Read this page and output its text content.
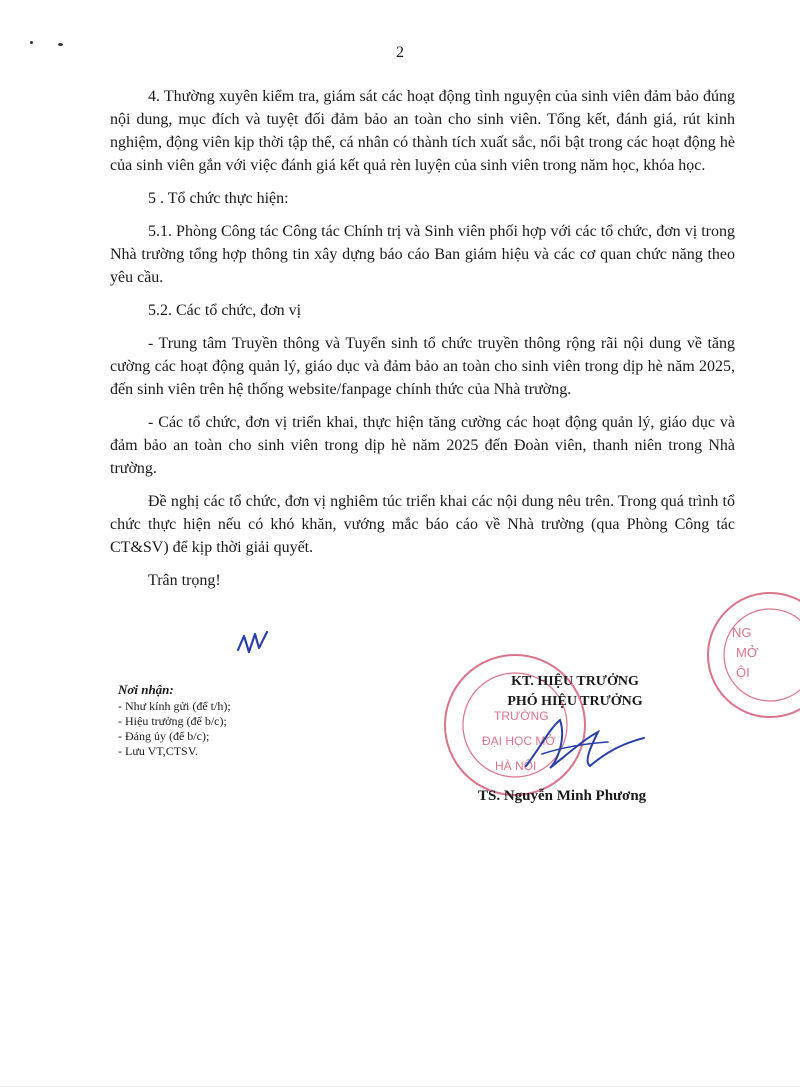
2

4. Thường xuyên kiểm tra, giám sát các hoạt động tình nguyện của sinh viên đảm bảo đúng nội dung, mục đích và tuyệt đối đảm bảo an toàn cho sinh viên. Tổng kết, đánh giá, rút kinh nghiệm, động viên kịp thời tập thể, cá nhân có thành tích xuất sắc, nổi bật trong các hoạt động hè của sinh viên gắn với việc đánh giá kết quả rèn luyện của sinh viên trong năm học, khóa học.

5 . Tổ chức thực hiện:

5.1. Phòng Công tác Công tác Chính trị và Sinh viên phối hợp với các tổ chức, đơn vị trong Nhà trường tổng hợp thông tin xây dựng báo cáo Ban giám hiệu và các cơ quan chức năng theo yêu cầu.

5.2. Các tổ chức, đơn vị

- Trung tâm Truyền thông và Tuyển sinh tổ chức truyền thông rộng rãi nội dung về tăng cường các hoạt động quản lý, giáo dục và đảm bảo an toàn cho sinh viên trong dịp hè năm 2025, đến sinh viên trên hệ thống website/fanpage chính thức của Nhà trường.

- Các tổ chức, đơn vị triển khai, thực hiện tăng cường các hoạt động quản lý, giáo dục và đảm bảo an toàn cho sinh viên trong dịp hè năm 2025 đến Đoàn viên, thanh niên trong Nhà trường.

Đề nghị các tổ chức, đơn vị nghiêm túc triển khai các nội dung nêu trên. Trong quá trình tổ chức thực hiện nếu có khó khăn, vướng mắc báo cáo về Nhà trường (qua Phòng Công tác CT&SV) để kịp thời giải quyết.

Trân trọng!

Nơi nhận:
- Như kính gửi (để t/h);
- Hiệu trưởng (để b/c);
- Đảng ủy (để b/c);
- Lưu VT,CTSV.
NG
MỞ
ỘI
TRƯỜNG
ĐẠI HỌC MỞ
HÀ NỘI
KT. HIỆU TRƯỞNG
PHÓ HIỆU TRƯỞNG
TS. Nguyễn Minh Phương
